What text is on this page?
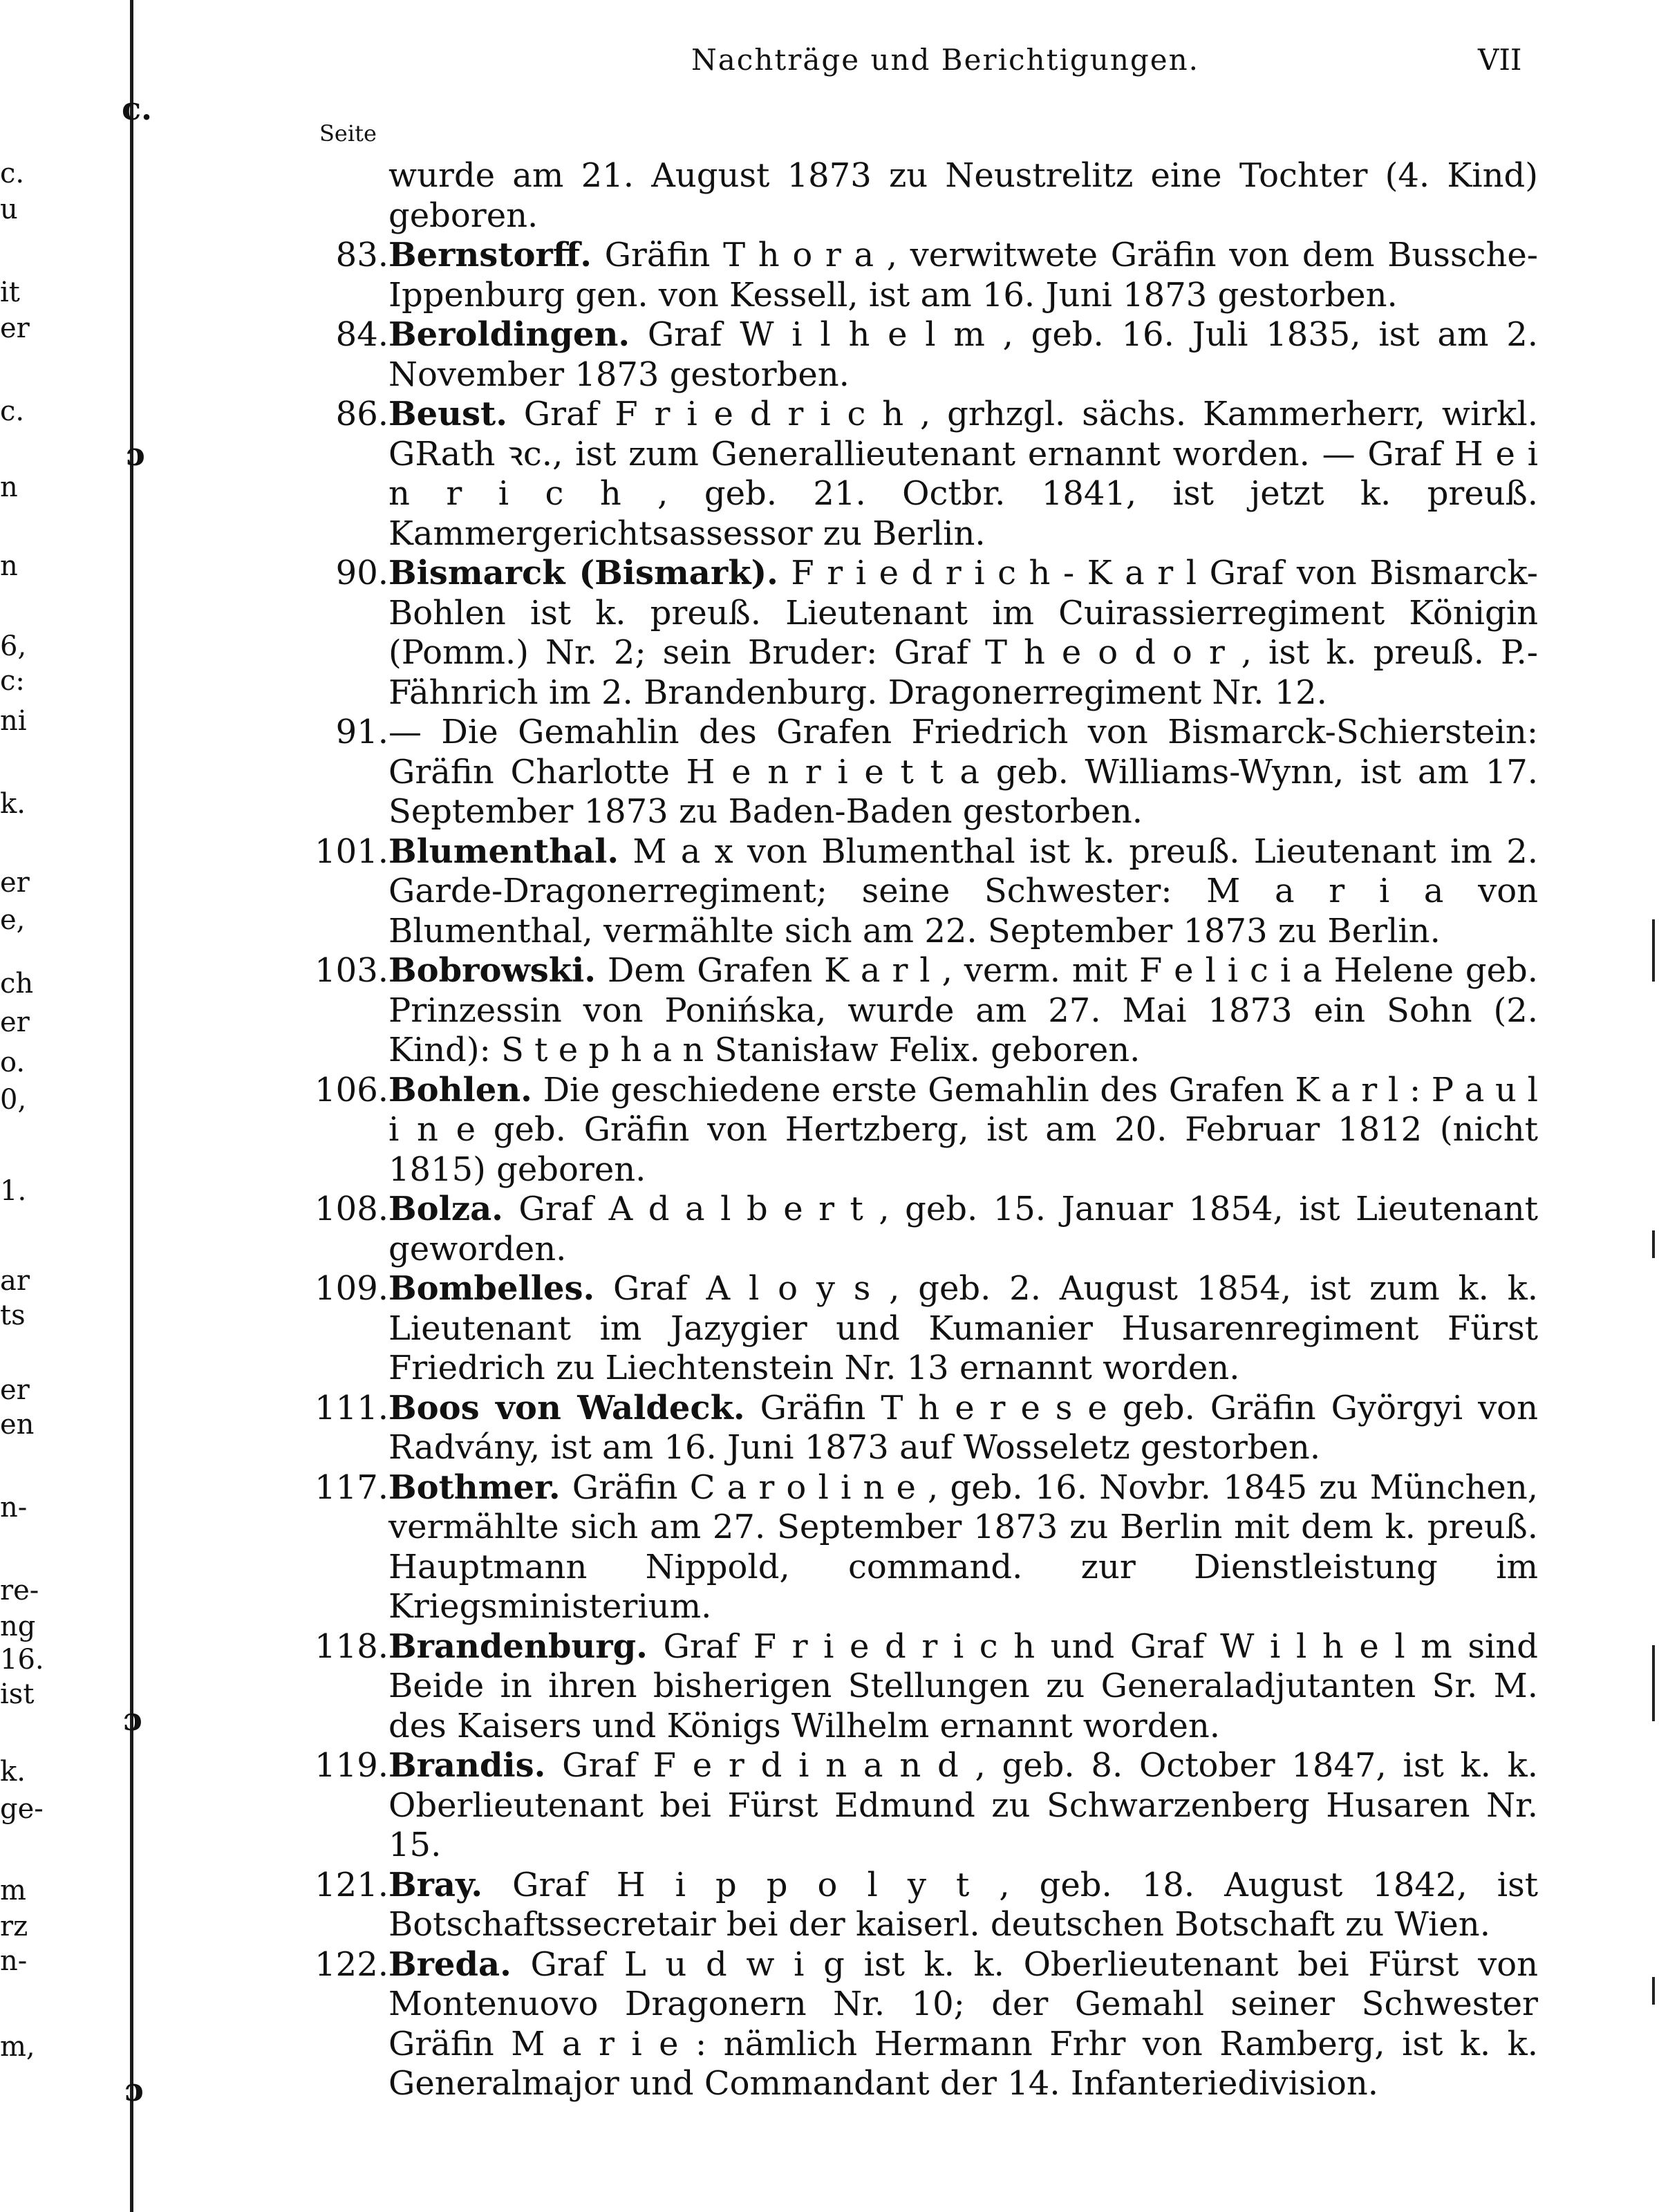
c.
u
it
er
c.
n
n
6,
c:
ni
k.
er
e,
ch
er
o.
0,
1.
ar
ts
er
en
n-
re-
ng
16.
ist
k.
ge-
m
rz
n-
m,
c.
ɔ
ɔ
ɔ
Nachträge und Berichtigungen.	VII
Seite
wurde am 21. August 1873 zu Neustrelitz eine Tochter (4. Kind) geboren.
83. Bernstorff. Gräfin T h o r a , verwitwete Gräfin von dem Bussche-Ippenburg gen. von Kessell, ist am 16. Juni 1873 gestorben.
84. Beroldingen. Graf W i l h e l m , geb. 16. Juli 1835, ist am 2. November 1873 gestorben.
86. Beust. Graf F r i e d r i c h , grhzgl. sächs. Kammerherr, wirkl. GRath ꝛc., ist zum Generallieutenant ernannt worden. — Graf H e i n r i c h , geb. 21. Octbr. 1841, ist jetzt k. preuß. Kammergerichtsassessor zu Berlin.
90. Bismarck (Bismark). F r i e d r i c h - K a r l Graf von Bismarck-Bohlen ist k. preuß. Lieutenant im Cuirassierregiment Königin (Pomm.) Nr. 2; sein Bruder: Graf T h e o d o r , ist k. preuß. P.-Fähnrich im 2. Brandenburg. Dragonerregiment Nr. 12.
91. — Die Gemahlin des Grafen Friedrich von Bismarck-Schierstein: Gräfin Charlotte H e n r i e t t a geb. Williams-Wynn, ist am 17. September 1873 zu Baden-Baden gestorben.
101. Blumenthal. M a x von Blumenthal ist k. preuß. Lieutenant im 2. Garde-Dragonerregiment; seine Schwester: M a r i a von Blumenthal, vermählte sich am 22. September 1873 zu Berlin.
103. Bobrowski. Dem Grafen K a r l , verm. mit F e l i c i a Helene geb. Prinzessin von Ponińska, wurde am 27. Mai 1873 ein Sohn (2. Kind): S t e p h a n Stanisław Felix. geboren.
106. Bohlen. Die geschiedene erste Gemahlin des Grafen K a r l : P a u l i n e geb. Gräfin von Hertzberg, ist am 20. Februar 1812 (nicht 1815) geboren.
108. Bolza. Graf A d a l b e r t , geb. 15. Januar 1854, ist Lieutenant geworden.
109. Bombelles. Graf A l o y s , geb. 2. August 1854, ist zum k. k. Lieutenant im Jazygier und Kumanier Husarenregiment Fürst Friedrich zu Liechtenstein Nr. 13 ernannt worden.
111. Boos von Waldeck. Gräfin T h e r e s e geb. Gräfin Györgyi von Radvány, ist am 16. Juni 1873 auf Wosseletz gestorben.
117. Bothmer. Gräfin C a r o l i n e , geb. 16. Novbr. 1845 zu München, vermählte sich am 27. September 1873 zu Berlin mit dem k. preuß. Hauptmann Nippold, command. zur Dienstleistung im Kriegsministerium.
118. Brandenburg. Graf F r i e d r i c h und Graf W i l h e l m sind Beide in ihren bisherigen Stellungen zu Generaladjutanten Sr. M. des Kaisers und Königs Wilhelm ernannt worden.
119. Brandis. Graf F e r d i n a n d , geb. 8. October 1847, ist k. k. Oberlieutenant bei Fürst Edmund zu Schwarzenberg Husaren Nr. 15.
121. Bray. Graf H i p p o l y t , geb. 18. August 1842, ist Botschaftssecretair bei der kaiserl. deutschen Botschaft zu Wien.
122. Breda. Graf L u d w i g ist k. k. Oberlieutenant bei Fürst von Montenuovo Dragonern Nr. 10; der Gemahl seiner Schwester Gräfin M a r i e : nämlich Hermann Frhr von Ramberg, ist k. k. Generalmajor und Commandant der 14. Infanteriedivision.
